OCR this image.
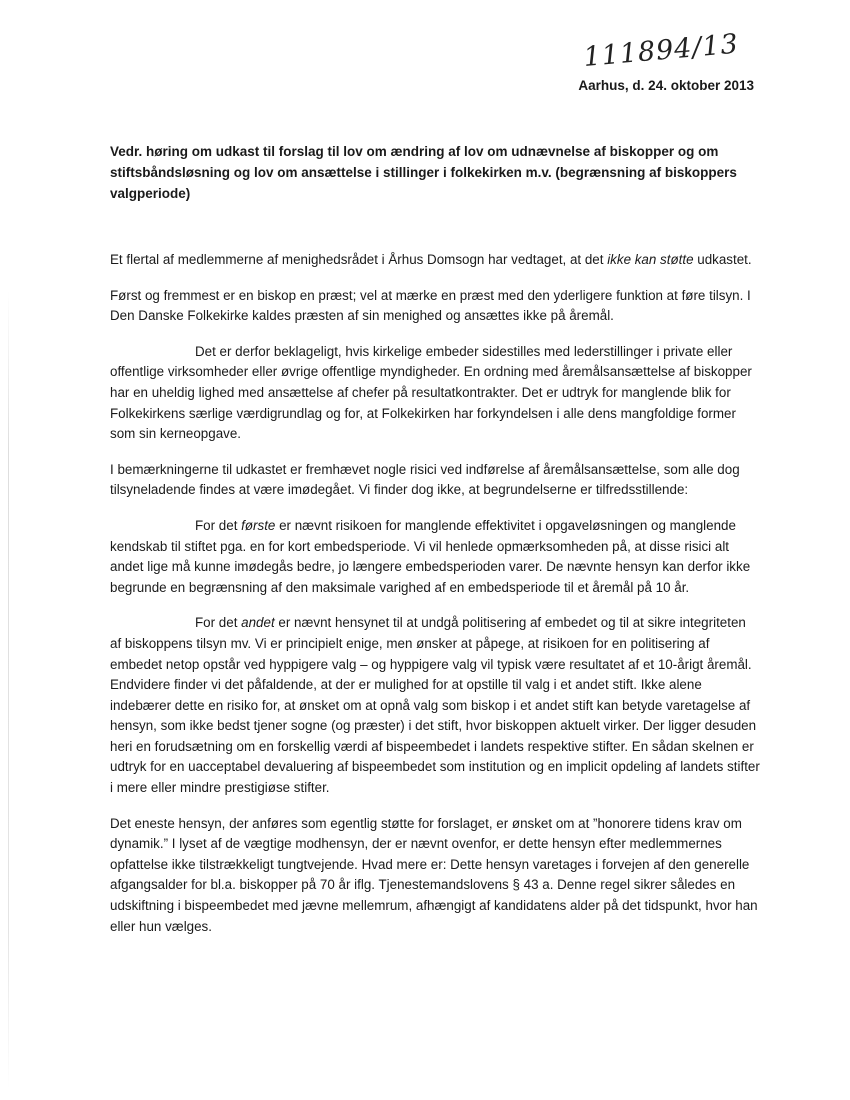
111894/13
Aarhus, d. 24. oktober 2013
Vedr. høring om udkast til forslag til lov om ændring af lov om udnævnelse af biskopper og om stiftsbåndsløsning og lov om ansættelse i stillinger i folkekirken m.v. (begrænsning af biskoppers valgperiode)

Et flertal af medlemmerne af menighedsrådet i Århus Domsogn har vedtaget, at det ikke kan støtte udkastet.

Først og fremmest er en biskop en præst; vel at mærke en præst med den yderligere funktion at føre tilsyn. I Den Danske Folkekirke kaldes præsten af sin menighed og ansættes ikke på åremål.

Det er derfor beklageligt, hvis kirkelige embeder sidestilles med lederstillinger i private eller offentlige virksomheder eller øvrige offentlige myndigheder. En ordning med åremålsansættelse af biskopper har en uheldig lighed med ansættelse af chefer på resultatkontrakter. Det er udtryk for manglende blik for Folkekirkens særlige værdigrundlag og for, at Folkekirken har forkyndelsen i alle dens mangfoldige former som sin kerneopgave.

I bemærkningerne til udkastet er fremhævet nogle risici ved indførelse af åremålsansættelse, som alle dog tilsyneladende findes at være imødegået. Vi finder dog ikke, at begrundelserne er tilfredsstillende:

For det første er nævnt risikoen for manglende effektivitet i opgaveløsningen og manglende kendskab til stiftet pga. en for kort embedsperiode. Vi vil henlede opmærksomheden på, at disse risici alt andet lige må kunne imødegås bedre, jo længere embedsperioden varer. De nævnte hensyn kan derfor ikke begrunde en begrænsning af den maksimale varighed af en embedsperiode til et åremål på 10 år.

For det andet er nævnt hensynet til at undgå politisering af embedet og til at sikre integriteten af biskoppens tilsyn mv. Vi er principielt enige, men ønsker at påpege, at risikoen for en politisering af embedet netop opstår ved hyppigere valg – og hyppigere valg vil typisk være resultatet af et 10-årigt åremål. Endvidere finder vi det påfaldende, at der er mulighed for at opstille til valg i et andet stift. Ikke alene indebærer dette en risiko for, at ønsket om at opnå valg som biskop i et andet stift kan betyde varetagelse af hensyn, som ikke bedst tjener sogne (og præster) i det stift, hvor biskoppen aktuelt virker. Der ligger desuden heri en forudsætning om en forskellig værdi af bispeembedet i landets respektive stifter. En sådan skelnen er udtryk for en uacceptabel devaluering af bispeembedet som institution og en implicit opdeling af landets stifter i mere eller mindre prestigiøse stifter.

Det eneste hensyn, der anføres som egentlig støtte for forslaget, er ønsket om at ”honorere tidens krav om dynamik.” I lyset af de vægtige modhensyn, der er nævnt ovenfor, er dette hensyn efter medlemmernes opfattelse ikke tilstrækkeligt tungtvejende. Hvad mere er: Dette hensyn varetages i forvejen af den generelle afgangsalder for bl.a. biskopper på 70 år iflg. Tjenestemandslovens § 43 a. Denne regel sikrer således en udskiftning i bispeembedet med jævne mellemrum, afhængigt af kandidatens alder på det tidspunkt, hvor han eller hun vælges.
